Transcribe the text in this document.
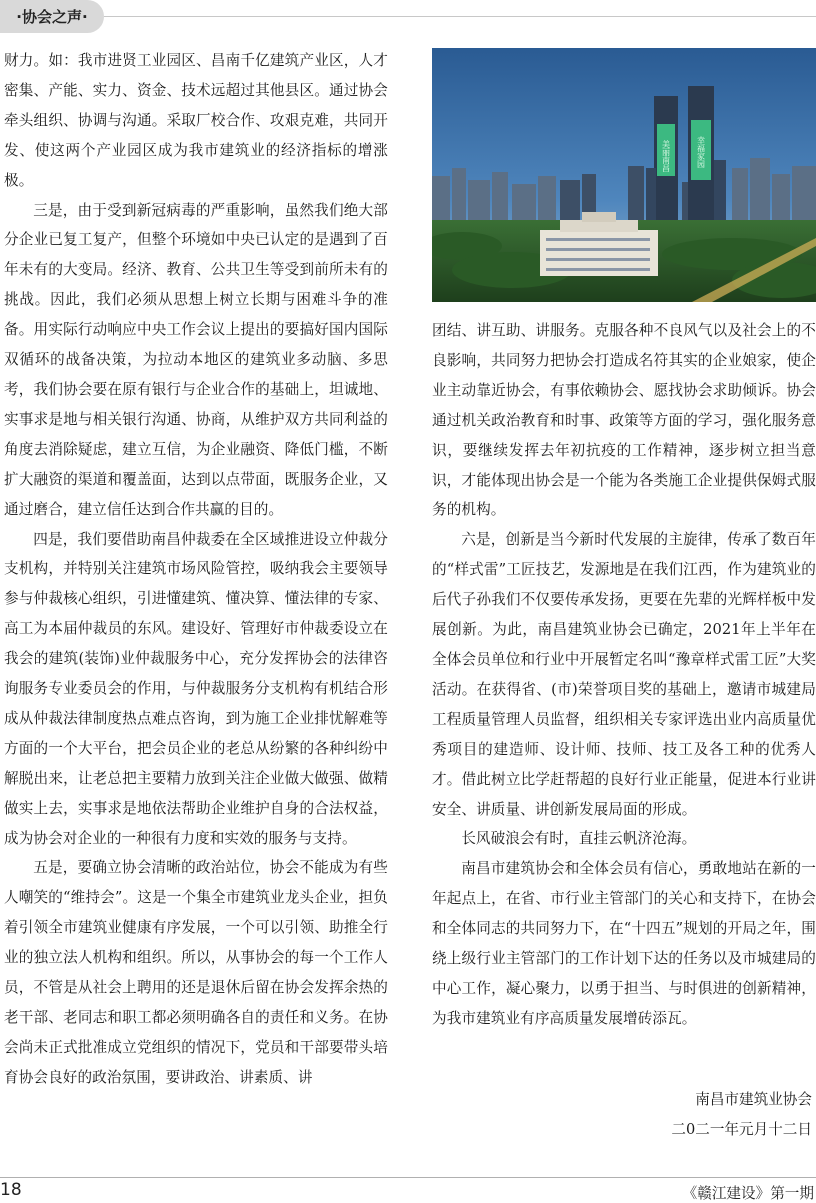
·协会之声·

财力。如：我市进贤工业园区、昌南千亿建筑产业区，人才密集、产能、实力、资金、技术远超过其他县区。通过协会牵头组织、协调与沟通。采取厂校合作、攻艰克难，共同开发、使这两个产业园区成为我市建筑业的经济指标的增涨极。

三是，由于受到新冠病毒的严重影响，虽然我们绝大部分企业已复工复产，但整个环境如中央已认定的是遇到了百年未有的大变局。经济、教育、公共卫生等受到前所未有的挑战。因此，我们必须从思想上树立长期与困难斗争的准备。用实际行动响应中央工作会议上提出的要搞好国内国际双循环的战备决策，为拉动本地区的建筑业多动脑、多思考，我们协会要在原有银行与企业合作的基础上，坦诚地、实事求是地与相关银行沟通、协商，从维护双方共同利益的角度去消除疑虑，建立互信，为企业融资、降低门槛，不断扩大融资的渠道和覆盖面，达到以点带面，既服务企业，又通过磨合，建立信任达到合作共赢的目的。

四是，我们要借助南昌仲裁委在全区域推进设立仲裁分支机构，并特别关注建筑市场风险管控，吸纳我会主要领导参与仲裁核心组织，引进懂建筑、懂决算、懂法律的专家、高工为本届仲裁员的东风。建设好、管理好市仲裁委设立在我会的建筑(装饰)业仲裁服务中心，充分发挥协会的法律咨询服务专业委员会的作用，与仲裁服务分支机构有机结合形成从仲裁法律制度热点难点咨询，到为施工企业排忧解难等方面的一个大平台，把会员企业的老总从纷繁的各种纠纷中解脱出来，让老总把主要精力放到关注企业做大做强、做精做实上去，实事求是地依法帮助企业维护自身的合法权益，成为协会对企业的一种很有力度和实效的服务与支持。

五是，要确立协会清晰的政治站位，协会不能成为有些人嘲笑的“维持会”。这是一个集全市建筑业龙头企业，担负着引领全市建筑业健康有序发展，一个可以引领、助推全行业的独立法人机构和组织。所以，从事协会的每一个工作人员，不管是从社会上聘用的还是退休后留在协会发挥余热的老干部、老同志和职工都必须明确各自的责任和义务。在协会尚未正式批准成立党组织的情况下，党员和干部要带头培育协会良好的政治氛围，要讲政治、讲素质、讲

美丽南昌	幸福家园

团结、讲互助、讲服务。克服各种不良风气以及社会上的不良影响，共同努力把协会打造成名符其实的企业娘家，使企业主动靠近协会，有事依赖协会、愿找协会求助倾诉。协会通过机关政治教育和时事、政策等方面的学习，强化服务意识，要继续发挥去年初抗疫的工作精神，逐步树立担当意识，才能体现出协会是一个能为各类施工企业提供保姆式服务的机构。

六是，创新是当今新时代发展的主旋律，传承了数百年的“样式雷”工匠技艺，发源地是在我们江西，作为建筑业的后代子孙我们不仅要传承发扬，更要在先辈的光辉样板中发展创新。为此，南昌建筑业协会已确定，2021年上半年在全体会员单位和行业中开展暂定名叫“豫章样式雷工匠”大奖活动。在获得省、(市)荣誉项目奖的基础上，邀请市城建局工程质量管理人员监督，组织相关专家评选出业内高质量优秀项目的建造师、设计师、技师、技工及各工种的优秀人才。借此树立比学赶帮超的良好行业正能量，促进本行业讲安全、讲质量、讲创新发展局面的形成。

长风破浪会有时，直挂云帆济沧海。

南昌市建筑协会和全体会员有信心，勇敢地站在新的一年起点上，在省、市行业主管部门的关心和支持下，在协会和全体同志的共同努力下，在“十四五”规划的开局之年，围绕上级行业主管部门的工作计划下达的任务以及市城建局的中心工作，凝心聚力，以勇于担当、与时俱进的创新精神，为我市建筑业有序高质量发展增砖添瓦。

南昌市建筑业协会
二0二一年元月十二日
18	《赣江建设》第一期
